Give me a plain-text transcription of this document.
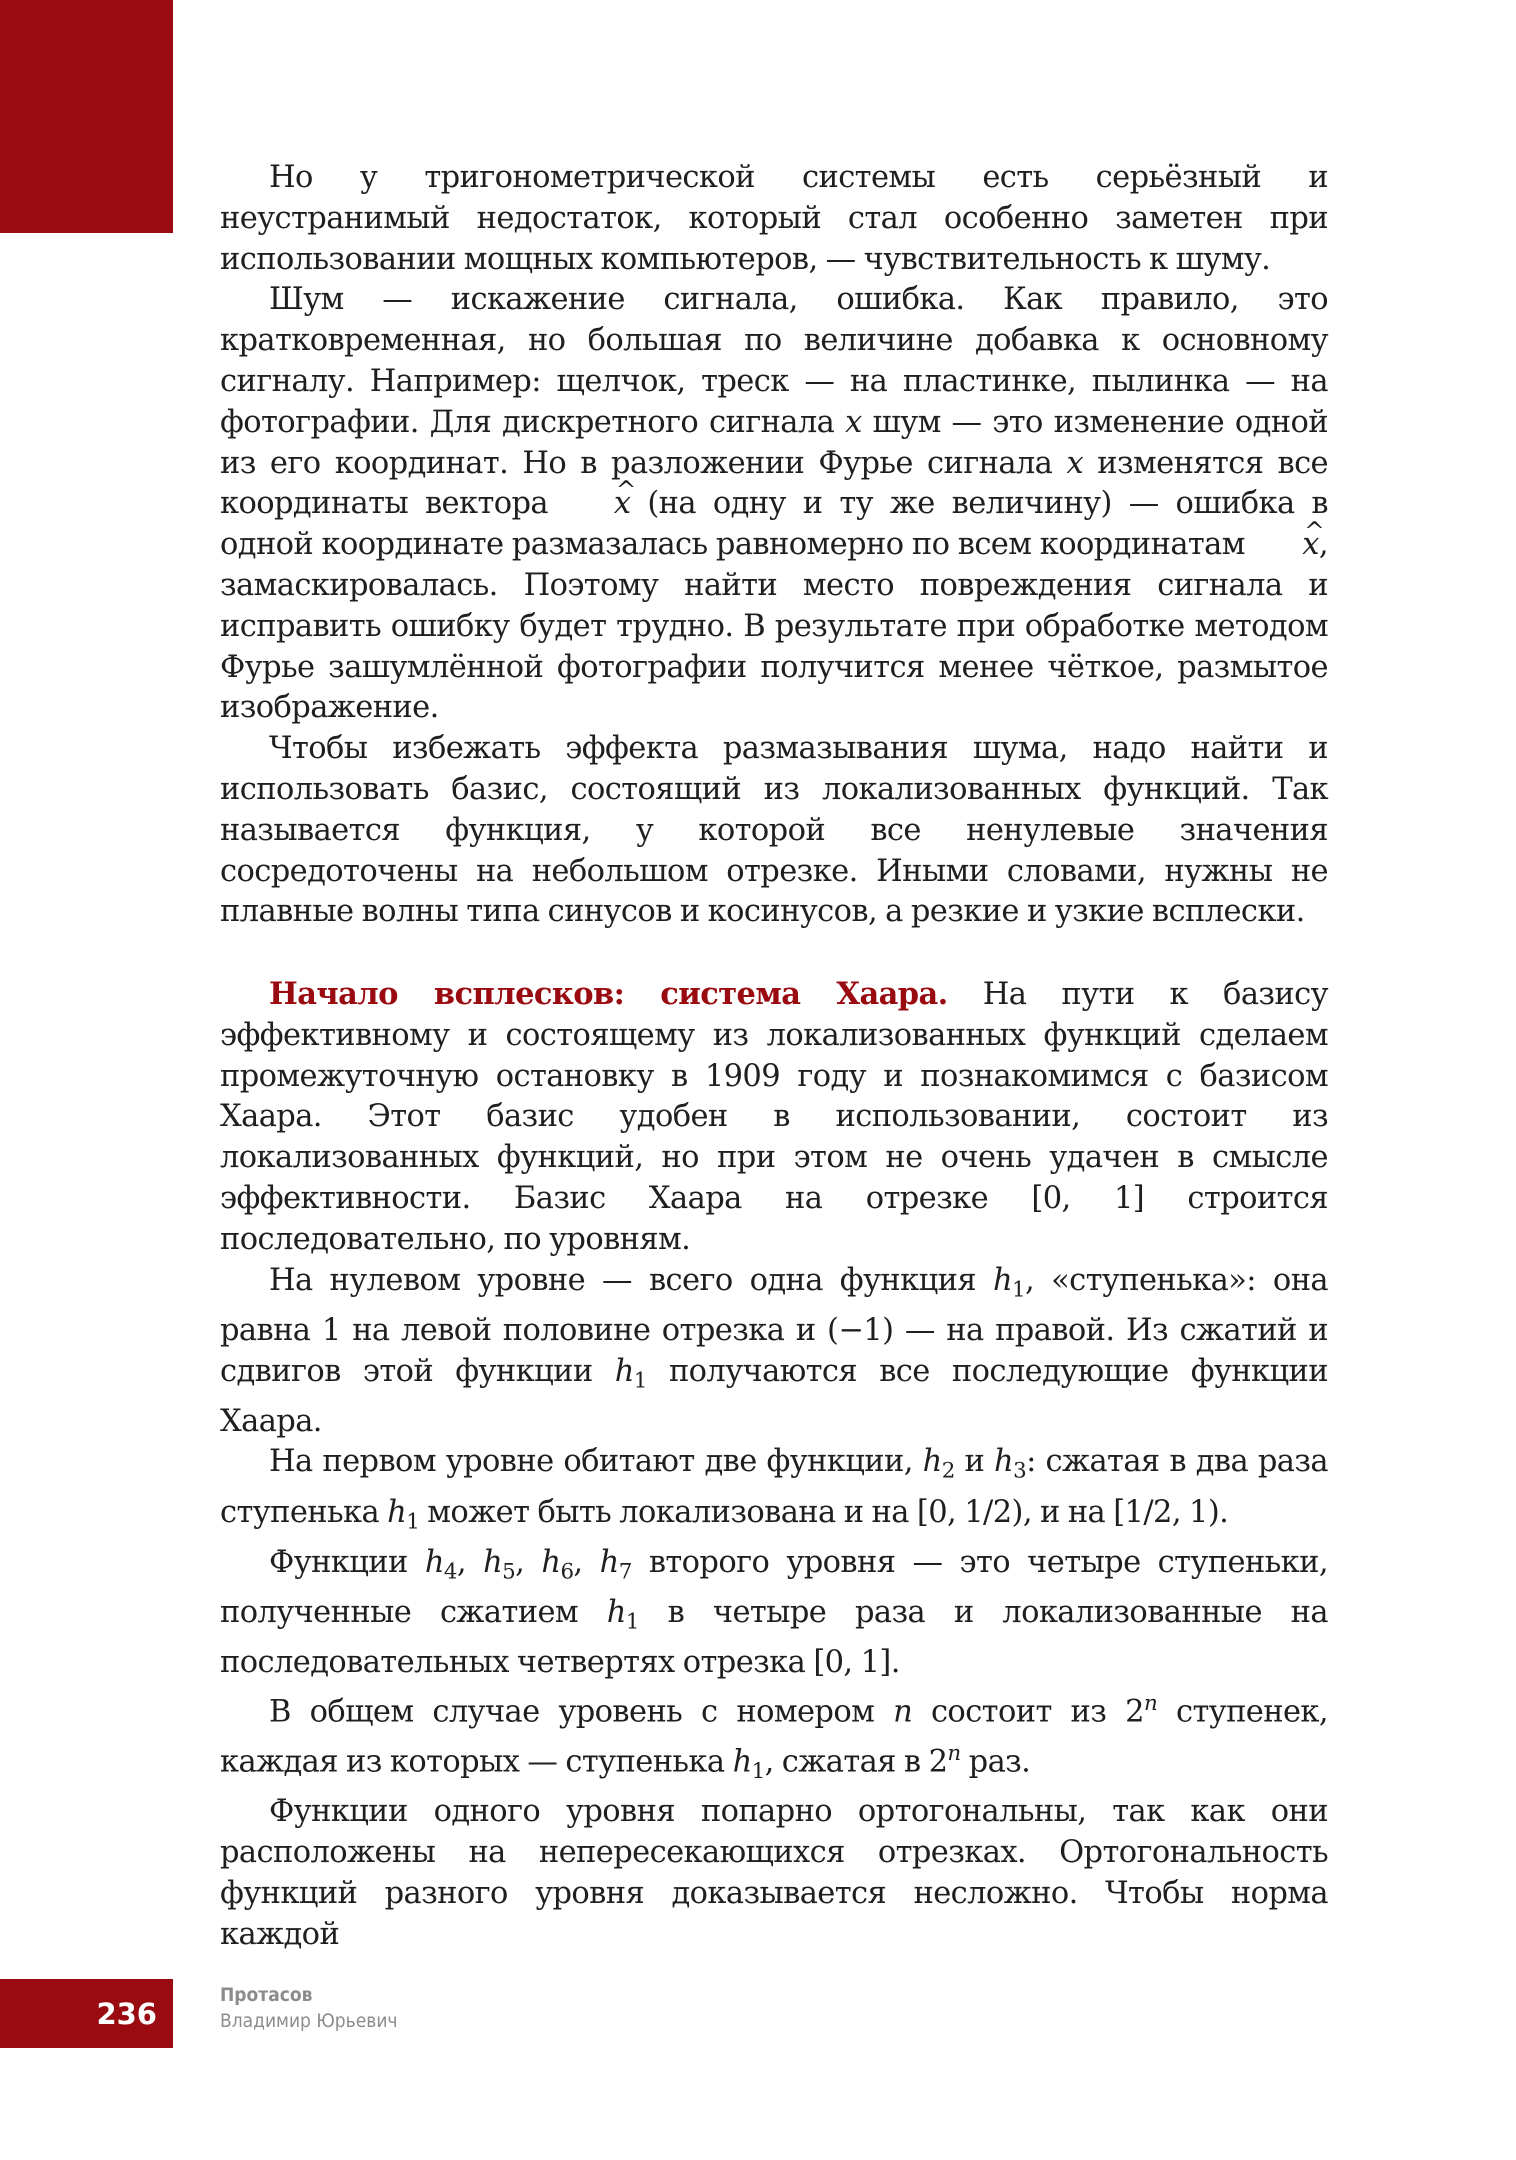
Но у тригонометрической системы есть серьёзный и неустранимый недостаток, который стал особенно заметен при использовании мощных компьютеров, — чувствительность к шуму.

Шум — искажение сигнала, ошибка. Как правило, это кратковременная, но большая по величине добавка к основному сигналу. Например: щелчок, треск — на пластинке, пылинка — на фотографии. Для дискретного сигнала x шум — это изменение одной из его координат. Но в разложении Фурье сигнала x изменятся все координаты вектора ^ x (на одну и ту же величину) — ошибка в одной координате размазалась равномерно по всем координатам ^ x, замаскировалась. Поэтому найти место повреждения сигнала и исправить ошибку будет трудно. В результате при обработке методом Фурье зашумлённой фотографии получится менее чёткое, размытое изображение.

Чтобы избежать эффекта размазывания шума, надо найти и использовать базис, состоящий из локализованных функций. Так называется функция, у которой все ненулевые значения сосредоточены на небольшом отрезке. Иными словами, нужны не плавные волны типа синусов и косинусов, а резкие и узкие всплески.

Начало всплесков: система Хаара. На пути к базису эффективному и состоящему из локализованных функций сделаем промежуточную остановку в 1909 году и познакомимся с базисом Хаара. Этот базис удобен в использовании, состоит из локализованных функций, но при этом не очень удачен в смысле эффективности. Базис Хаара на отрезке [0, 1] строится последовательно, по уровням.

На нулевом уровне — всего одна функция $h_1$, «ступенька»: она равна 1 на левой половине отрезка и (−1) — на правой. Из сжатий и сдвигов этой функции $h_1$ получаются все последующие функции Хаара.

На первом уровне обитают две функции, $h_2$ и $h_3$: сжатая в два раза ступенька $h_1$ может быть локализована и на [0, 1/2), и на [1/2, 1).

Функции $h_4$, $h_5$, $h_6$, $h_7$ второго уровня — это четыре ступеньки, полученные сжатием $h_1$ в четыре раза и локализованные на последовательных четвертях отрезка [0, 1].

В общем случае уровень с номером n состоит из 2$^n$ ступенек, каждая из которых — ступенька $h_1$, сжатая в 2$^n$ раз.

Функции одного уровня попарно ортогональны, так как они расположены на непересекающихся отрезках. Ортогональность функций разного уровня доказывается несложно. Чтобы норма каждой

236
Протасов
Владимир Юрьевич
